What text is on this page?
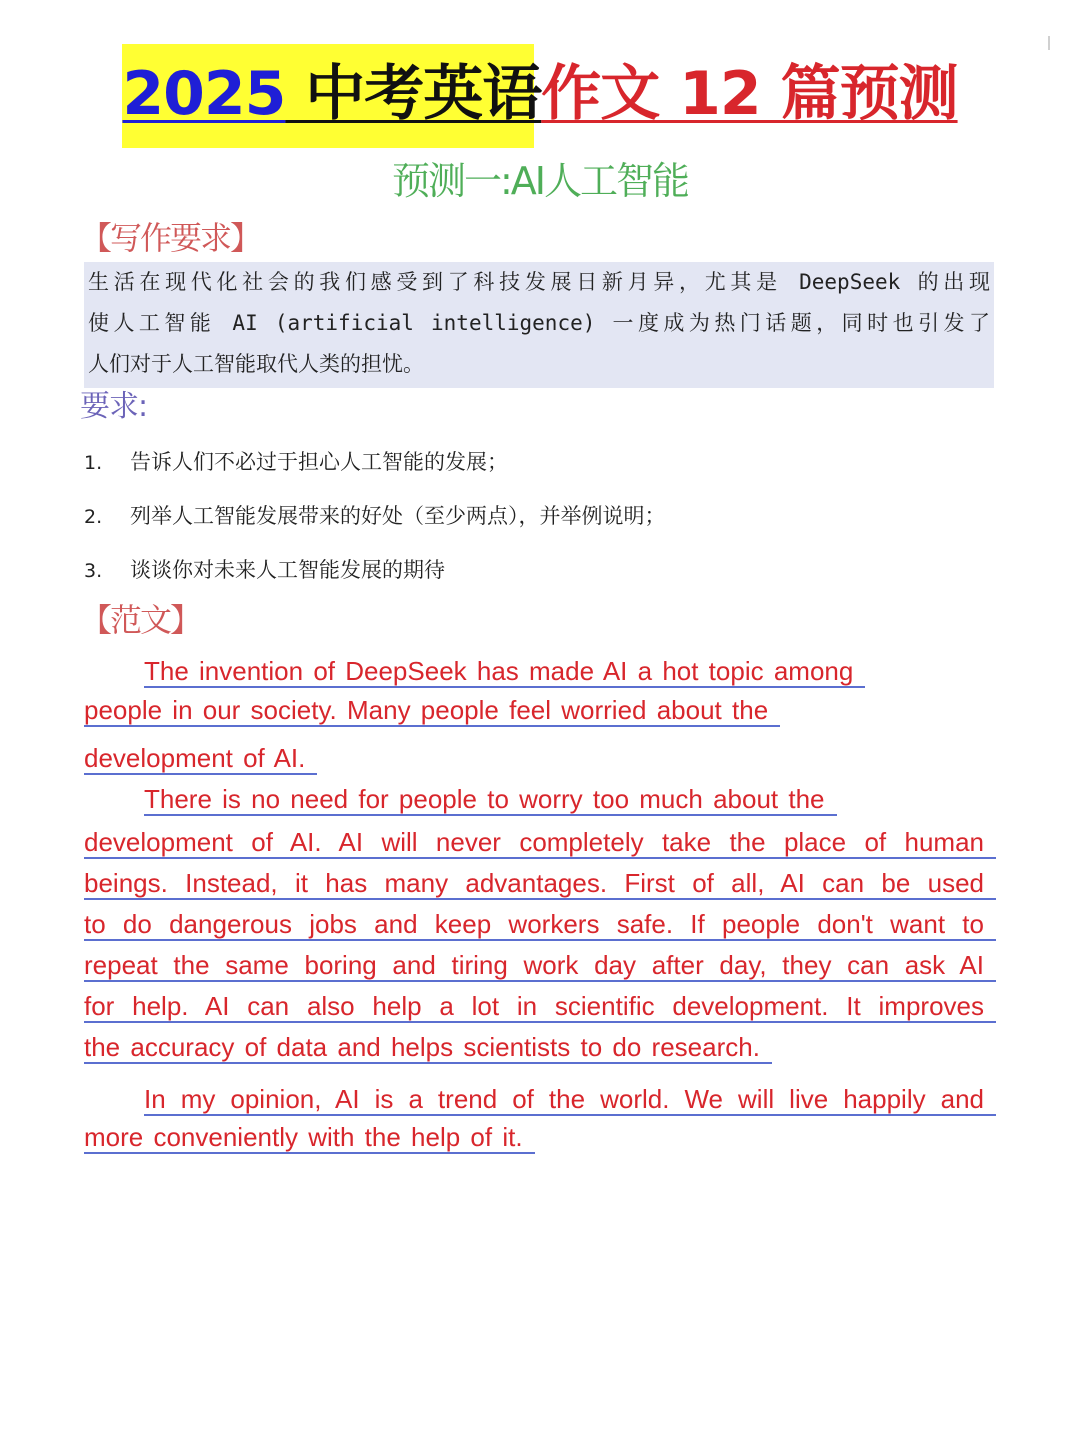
2025 中考英语作文 12 篇预测
预测一:AI人工智能
【写作要求】
生活在现代化社会的我们感受到了科技发展日新月异，尤其是 DeepSeek 的出现
使人工智能 AI (artificial intelligence) 一度成为热门话题，同时也引发了
人们对于人工智能取代人类的担忧。
要求:
1. 告诉人们不必过于担心人工智能的发展；
2. 列举人工智能发展带来的好处（至少两点），并举例说明；
3. 谈谈你对未来人工智能发展的期待
【范文】
The invention of DeepSeek has made AI a hot topic among
people in our society. Many people feel worried about the
development of AI.
There is no need for people to worry too much about the
development of AI. AI will never completely take the place of human
beings. Instead, it has many advantages. First of all, AI can be used
to do dangerous jobs and keep workers safe. If people don't want to
repeat the same boring and tiring work day after day, they can ask AI
for help. AI can also help a lot in scientific development. It improves
the accuracy of data and helps scientists to do research.
In my opinion, AI is a trend of the world. We will live happily and
more conveniently with the help of it.
